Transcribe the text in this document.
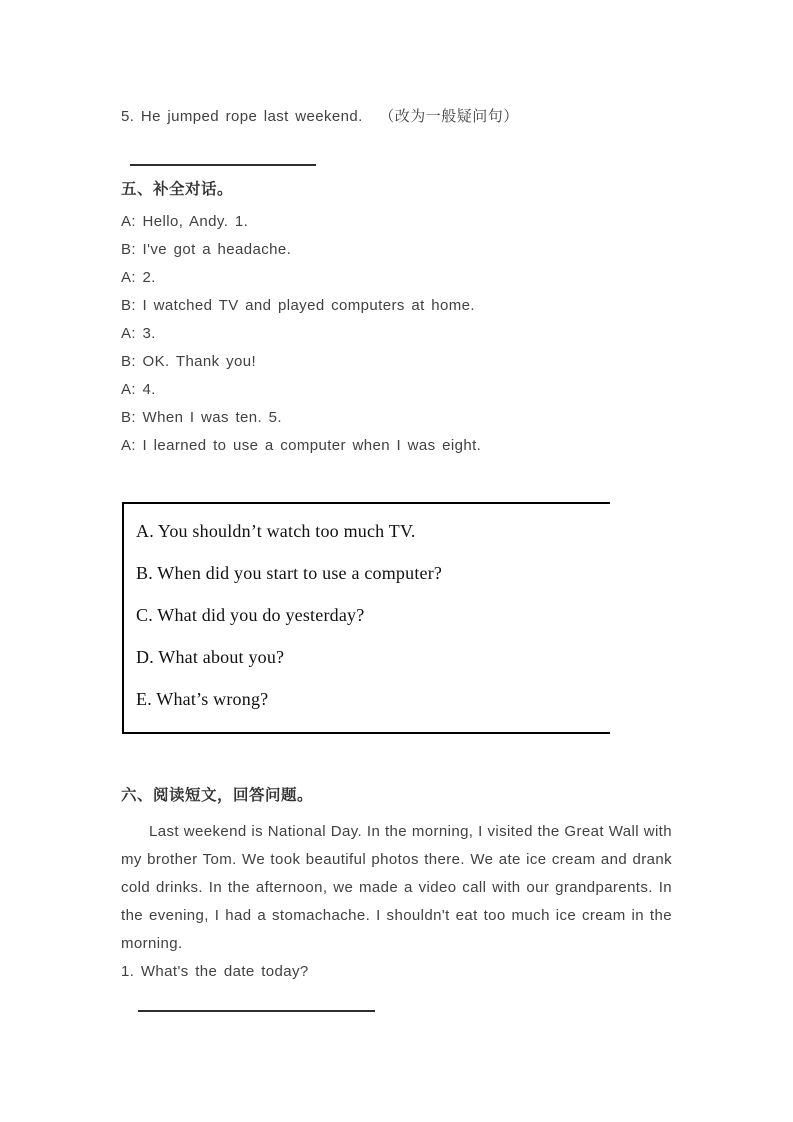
5. He jumped rope last weekend. （改为一般疑问句）
五、补全对话。
A: Hello, Andy. 1.
B: I've got a headache.
A: 2.
B: I watched TV and played computers at home.
A: 3.
B: OK. Thank you!
A: 4.
B: When I was ten. 5.
A: I learned to use a computer when I was eight.
A. You shouldn’t watch too much TV.
B. When did you start to use a computer?
C. What did you do yesterday?
D. What about you?
E. What’s wrong?
六、阅读短文，回答问题。

Last weekend is National Day. In the morning, I visited the Great Wall with my brother Tom. We took beautiful photos there. We ate ice cream and drank cold drinks. In the afternoon, we made a video call with our grandparents. In the evening, I had a stomachache. I shouldn't eat too much ice cream in the morning.

1. What's the date today?
